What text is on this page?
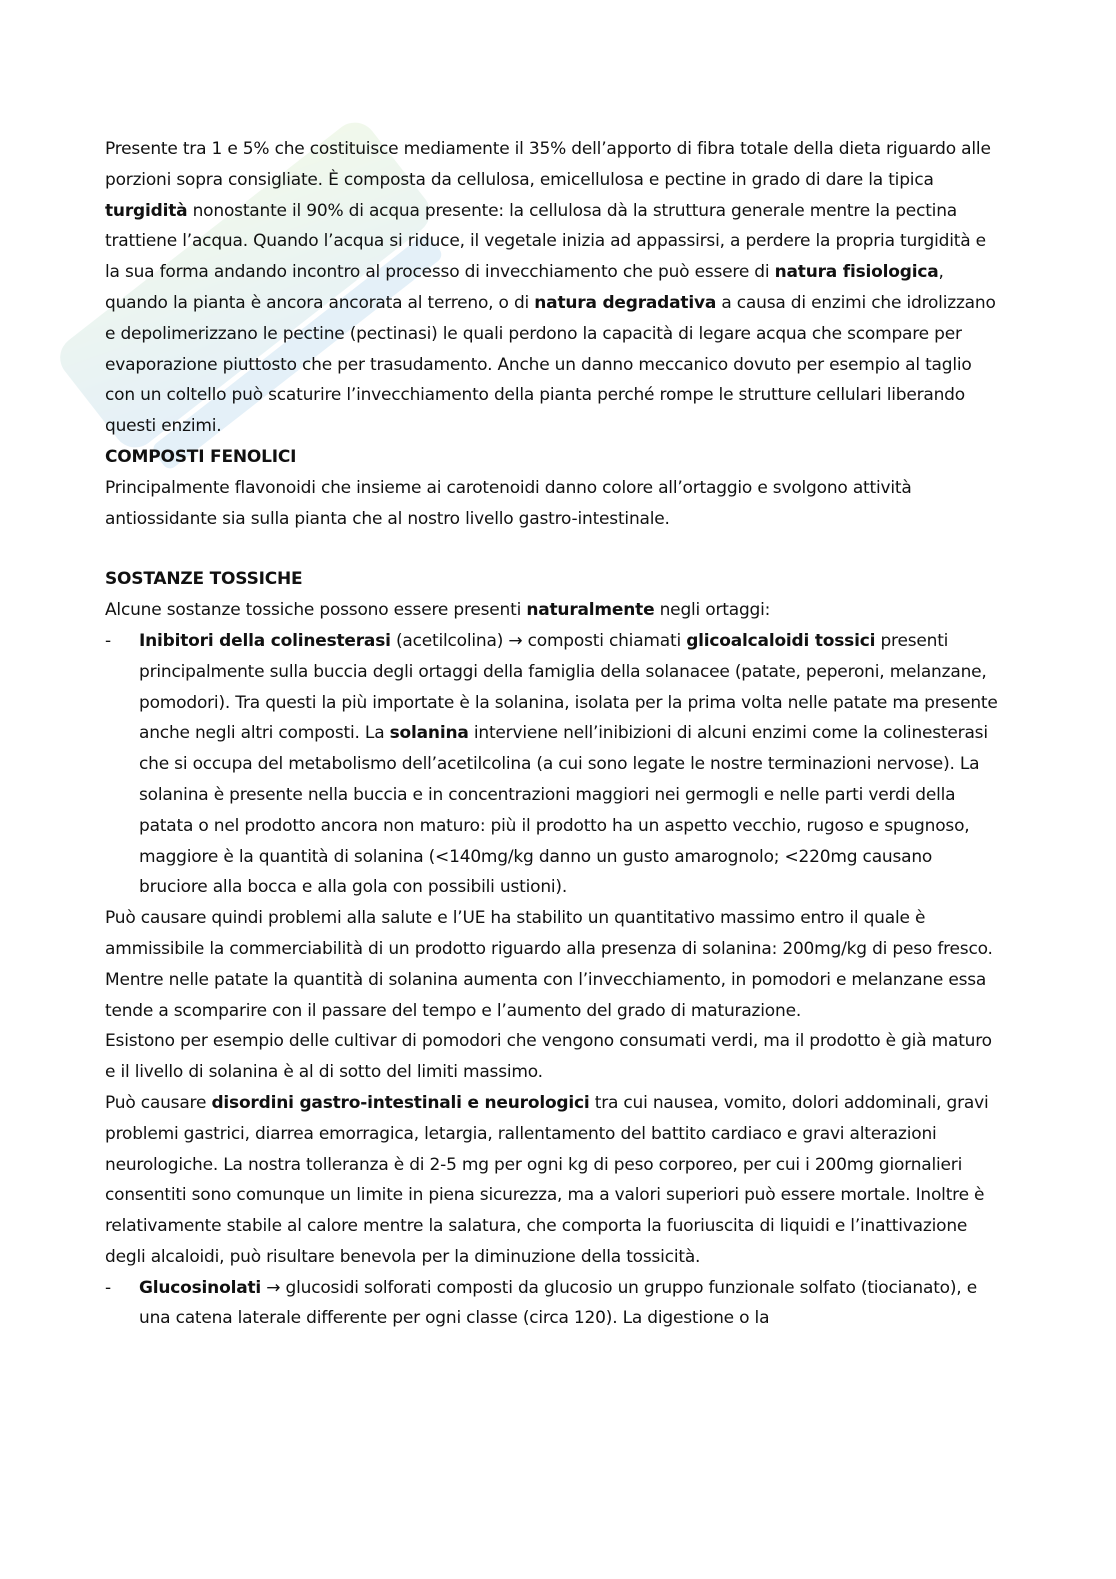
Presente tra 1 e 5% che costituisce mediamente il 35% dell’apporto di fibra totale della dieta riguardo alle porzioni sopra consigliate. È composta da cellulosa, emicellulosa e pectine in grado di dare la tipica turgidità nonostante il 90% di acqua presente: la cellulosa dà la struttura generale mentre la pectina trattiene l’acqua. Quando l’acqua si riduce, il vegetale inizia ad appassirsi, a perdere la propria turgidità e la sua forma andando incontro al processo di invecchiamento che può essere di natura fisiologica, quando la pianta è ancora ancorata al terreno, o di natura degradativa a causa di enzimi che idrolizzano e depolimerizzano le pectine (pectinasi) le quali perdono la capacità di legare acqua che scompare per evaporazione piuttosto che per trasudamento. Anche un danno meccanico dovuto per esempio al taglio con un coltello può scaturire l’invecchiamento della pianta perché rompe le strutture cellulari liberando questi enzimi.

COMPOSTI FENOLICI

Principalmente flavonoidi che insieme ai carotenoidi danno colore all’ortaggio e svolgono attività antiossidante sia sulla pianta che al nostro livello gastro-intestinale.

SOSTANZE TOSSICHE

Alcune sostanze tossiche possono essere presenti naturalmente negli ortaggi:

- Inibitori della colinesterasi (acetilcolina) → composti chiamati glicoalcaloidi tossici presenti principalmente sulla buccia degli ortaggi della famiglia della solanacee (patate, peperoni, melanzane, pomodori). Tra questi la più importate è la solanina, isolata per la prima volta nelle patate ma presente anche negli altri composti. La solanina interviene nell’inibizioni di alcuni enzimi come la colinesterasi che si occupa del metabolismo dell’acetilcolina (a cui sono legate le nostre terminazioni nervose). La solanina è presente nella buccia e in concentrazioni maggiori nei germogli e nelle parti verdi della patata o nel prodotto ancora non maturo: più il prodotto ha un aspetto vecchio, rugoso e spugnoso, maggiore è la quantità di solanina (<140mg/kg danno un gusto amarognolo; <220mg causano bruciore alla bocca e alla gola con possibili ustioni).

Può causare quindi problemi alla salute e l’UE ha stabilito un quantitativo massimo entro il quale è ammissibile la commerciabilità di un prodotto riguardo alla presenza di solanina: 200mg/kg di peso fresco. Mentre nelle patate la quantità di solanina aumenta con l’invecchiamento, in pomodori e melanzane essa tende a scomparire con il passare del tempo e l’aumento del grado di maturazione.

Esistono per esempio delle cultivar di pomodori che vengono consumati verdi, ma il prodotto è già maturo e il livello di solanina è al di sotto del limiti massimo.

Può causare disordini gastro-intestinali e neurologici tra cui nausea, vomito, dolori addominali, gravi problemi gastrici, diarrea emorragica, letargia, rallentamento del battito cardiaco e gravi alterazioni neurologiche. La nostra tolleranza è di 2-5 mg per ogni kg di peso corporeo, per cui i 200mg giornalieri consentiti sono comunque un limite in piena sicurezza, ma a valori superiori può essere mortale. Inoltre è relativamente stabile al calore mentre la salatura, che comporta la fuoriuscita di liquidi e l’inattivazione degli alcaloidi, può risultare benevola per la diminuzione della tossicità.

- Glucosinolati → glucosidi solforati composti da glucosio un gruppo funzionale solfato (tiocianato), e una catena laterale differente per ogni classe (circa 120). La digestione o la
